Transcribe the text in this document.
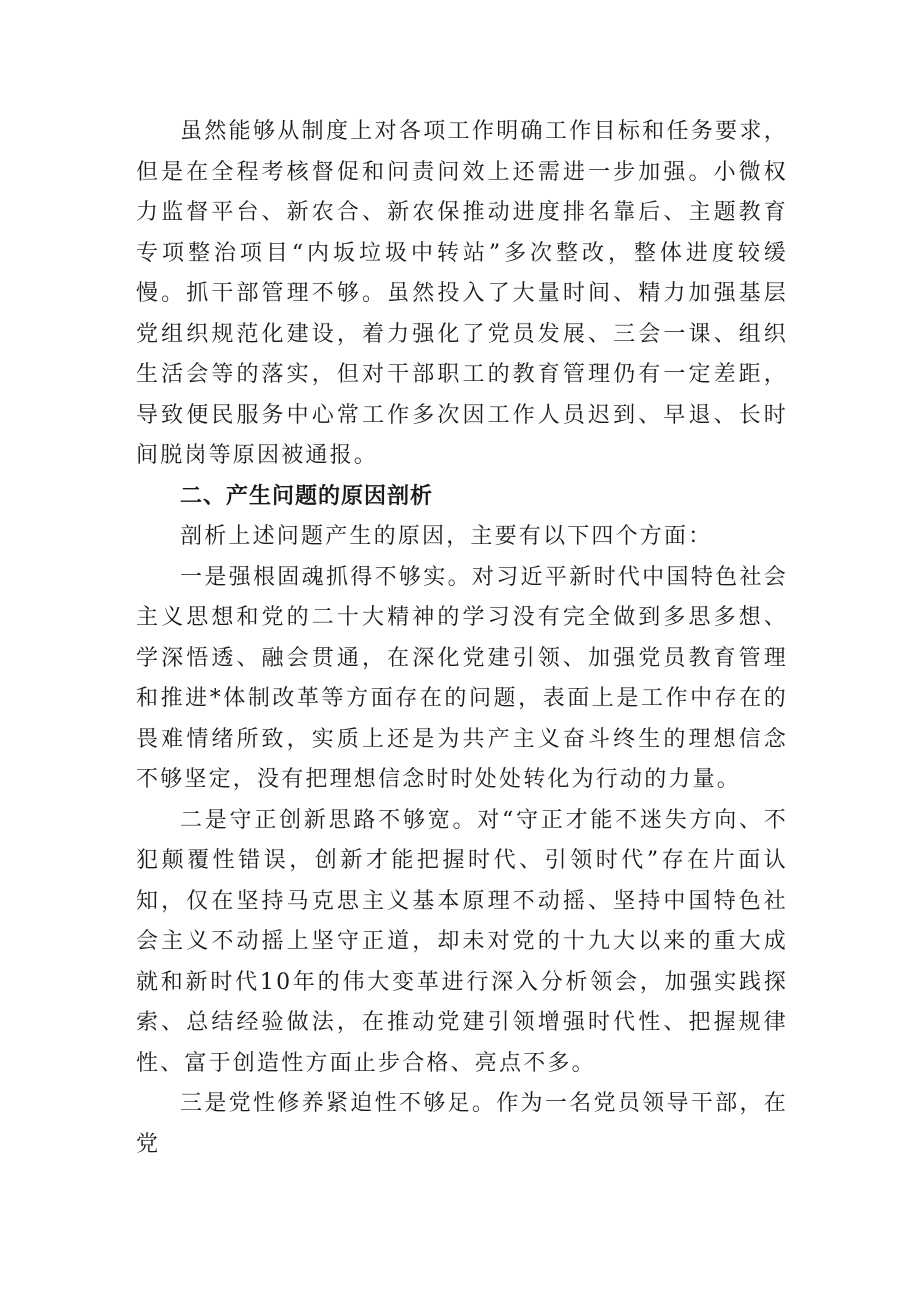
虽然能够从制度上对各项工作明确工作目标和任务要求，但是在全程考核督促和问责问效上还需进一步加强。小微权力监督平台、新农合、新农保推动进度排名靠后、主题教育专项整治项目“内坂垃圾中转站”多次整改，整体进度较缓慢。抓干部管理不够。虽然投入了大量时间、精力加强基层党组织规范化建设，着力强化了党员发展、三会一课、组织生活会等的落实，但对干部职工的教育管理仍有一定差距，导致便民服务中心常工作多次因工作人员迟到、早退、长时间脱岗等原因被通报。

二、产生问题的原因剖析

剖析上述问题产生的原因，主要有以下四个方面：

一是强根固魂抓得不够实。对习近平新时代中国特色社会主义思想和党的二十大精神的学习没有完全做到多思多想、学深悟透、融会贯通，在深化党建引领、加强党员教育管理和推进*体制改革等方面存在的问题，表面上是工作中存在的畏难情绪所致，实质上还是为共产主义奋斗终生的理想信念不够坚定，没有把理想信念时时处处转化为行动的力量。

二是守正创新思路不够宽。对“守正才能不迷失方向、不犯颠覆性错误，创新才能把握时代、引领时代”存在片面认知，仅在坚持马克思主义基本原理不动摇、坚持中国特色社会主义不动摇上坚守正道，却未对党的十九大以来的重大成就和新时代10年的伟大变革进行深入分析领会，加强实践探索、总结经验做法，在推动党建引领增强时代性、把握规律性、富于创造性方面止步合格、亮点不多。

三是党性修养紧迫性不够足。作为一名党员领导干部，在党
